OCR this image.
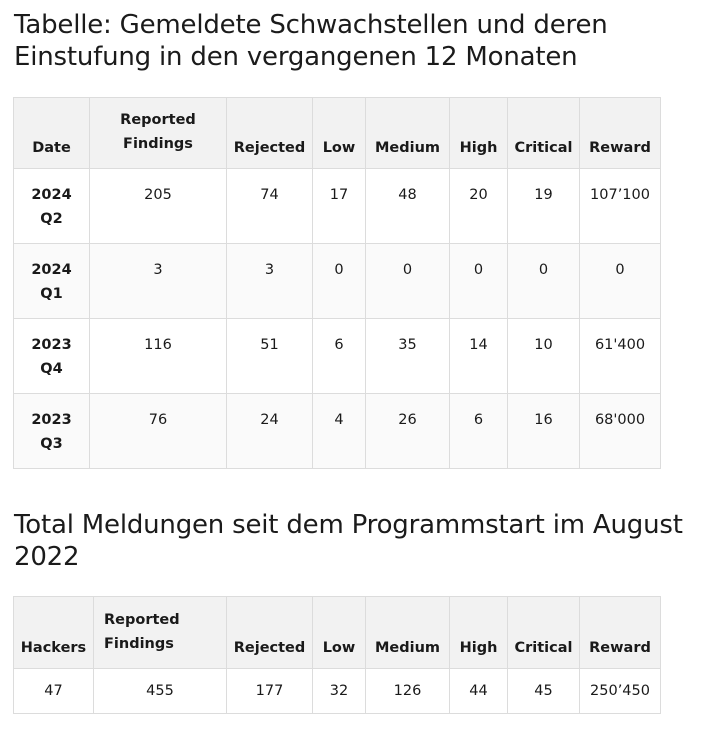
Tabelle: Gemeldete Schwachstellen und deren Einstufung in den vergangenen 12 Monaten
Date	Reported Findings	Rejected	Low	Medium	High	Critical	Reward
2024 Q2	205	74	17	48	20	19	107’100
2024 Q1	3	3	0	0	0	0	0
2023 Q4	116	51	6	35	14	10	61'400
2023 Q3	76	24	4	26	6	16	68'000
Total Meldungen seit dem Programmstart im August 2022
Hackers	Reported Findings	Rejected	Low	Medium	High	Critical	Reward
47	455	177	32	126	44	45	250’450
